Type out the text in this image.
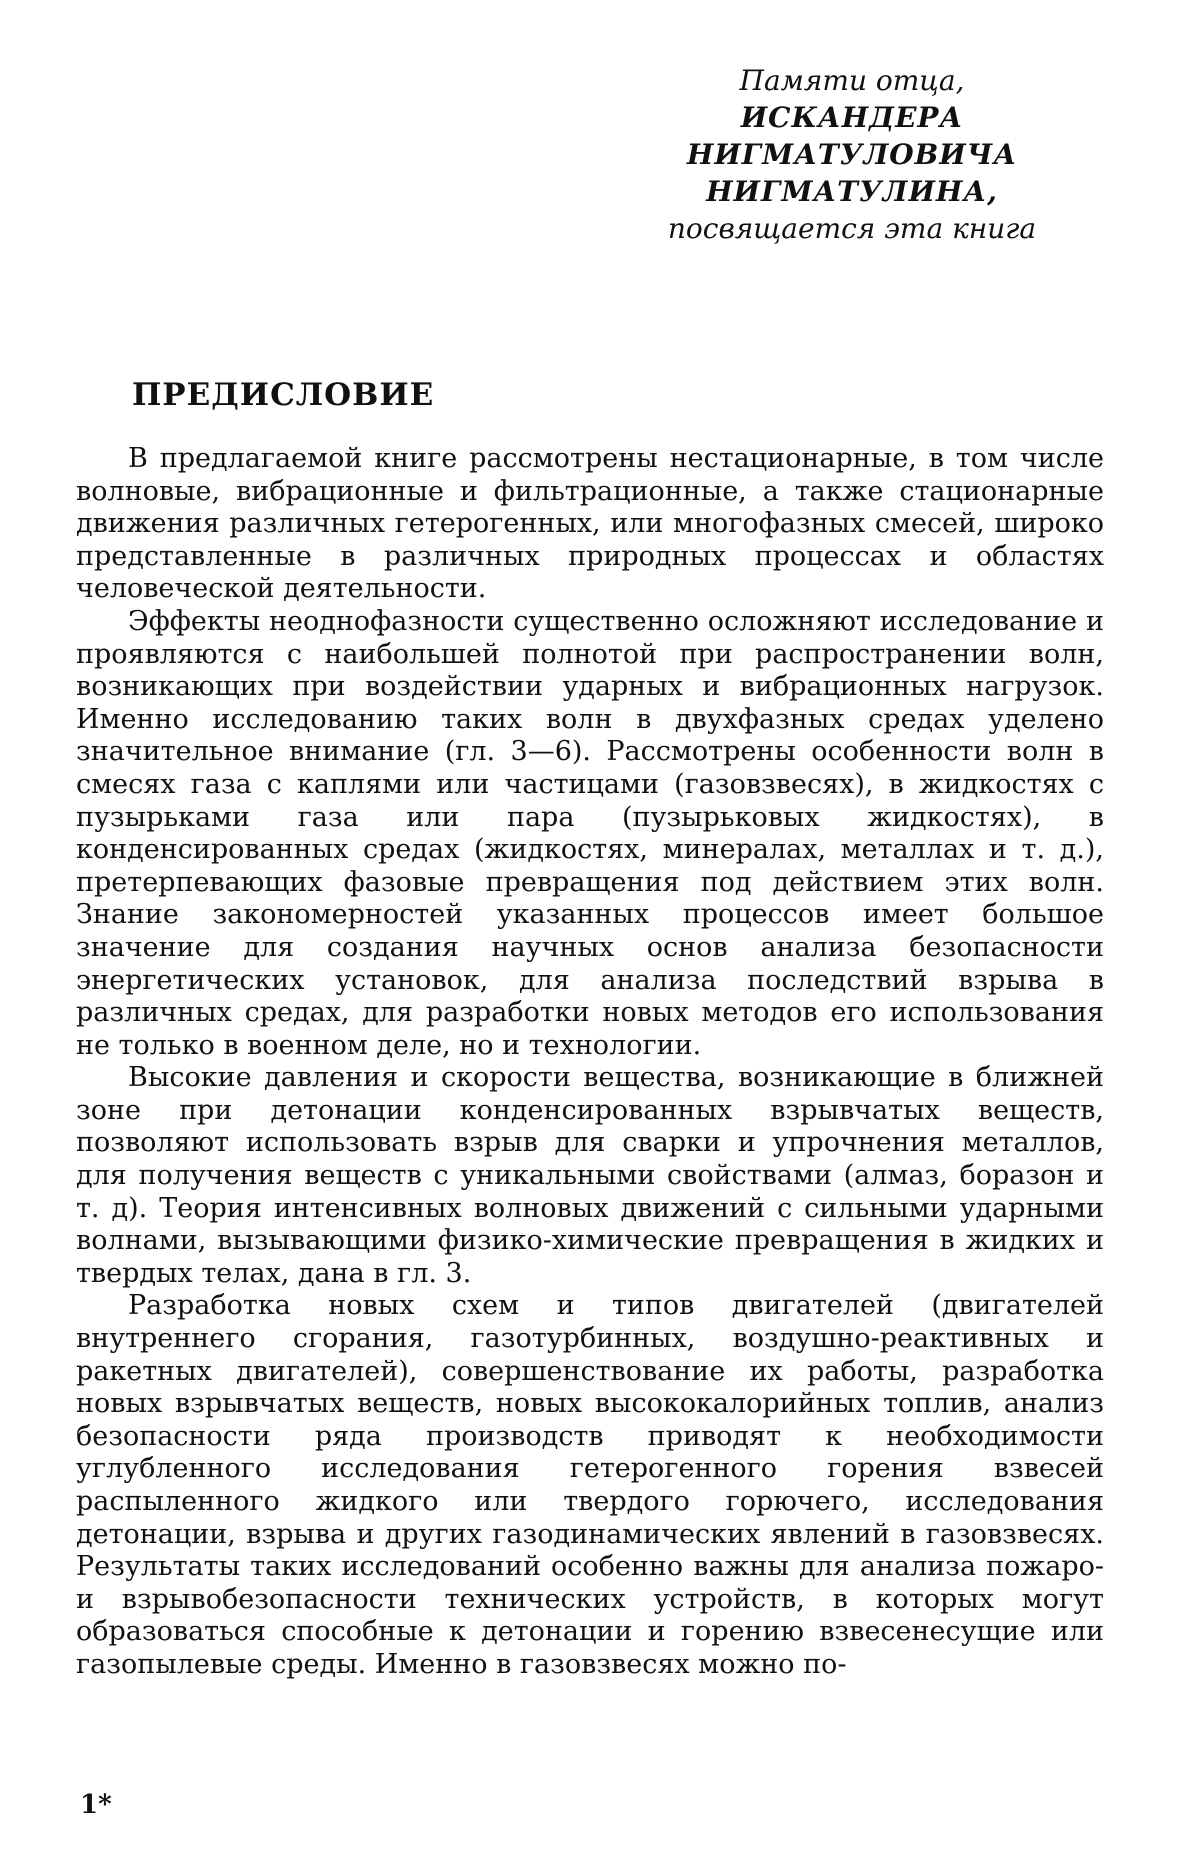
Памяти отца,
ИСКАНДЕРА НИГМАТУЛОВИЧА
НИГМАТУЛИНА,
посвящается эта книга
ПРЕДИСЛОВИЕ

В предлагаемой книге рассмотрены нестационарные, в том числе волновые, вибрационные и фильтрационные, а также стационарные движения различных гетерогенных, или многофазных смесей, широко представленные в различных природных процессах и областях человеческой деятельности.

Эффекты неоднофазности существенно осложняют исследование и проявляются с наибольшей полнотой при распространении волн, возникающих при воздействии ударных и вибрационных нагрузок. Именно исследованию таких волн в двухфазных средах уделено значительное внимание (гл. 3—6). Рассмотрены особенности волн в смесях газа с каплями или частицами (газовзвесях), в жидкостях с пузырьками газа или пара (пузырьковых жидкостях), в конденсированных средах (жидкостях, минералах, металлах и т. д.), претерпевающих фазовые превращения под действием этих волн. Знание закономерностей указанных процессов имеет большое значение для создания научных основ анализа безопасности энергетических установок, для анализа последствий взрыва в различных средах, для разработки новых методов его использования не только в военном деле, но и технологии.

Высокие давления и скорости вещества, возникающие в ближней зоне при детонации конденсированных взрывчатых веществ, позволяют использовать взрыв для сварки и упрочнения металлов, для получения веществ с уникальными свойствами (алмаз, боразон и т. д). Теория интенсивных волновых движений с сильными ударными волнами, вызывающими физико-химические превращения в жидких и твердых телах, дана в гл. 3.

Разработка новых схем и типов двигателей (двигателей внутреннего сгорания, газотурбинных, воздушно-реактивных и ракетных двигателей), совершенствование их работы, разработка новых взрывчатых веществ, новых высококалорийных топлив, анализ безопасности ряда производств приводят к необходимости углубленного исследования гетерогенного горения взвесей распыленного жидкого или твердого горючего, исследования детонации, взрыва и других газодинамических явлений в газовзвесях. Результаты таких исследований особенно важны для анализа пожаро- и взрывобезопасности технических устройств, в которых могут образоваться способные к детонации и горению взвесенесущие или газопылевые среды. Именно в газовзвесях можно по-

1*
